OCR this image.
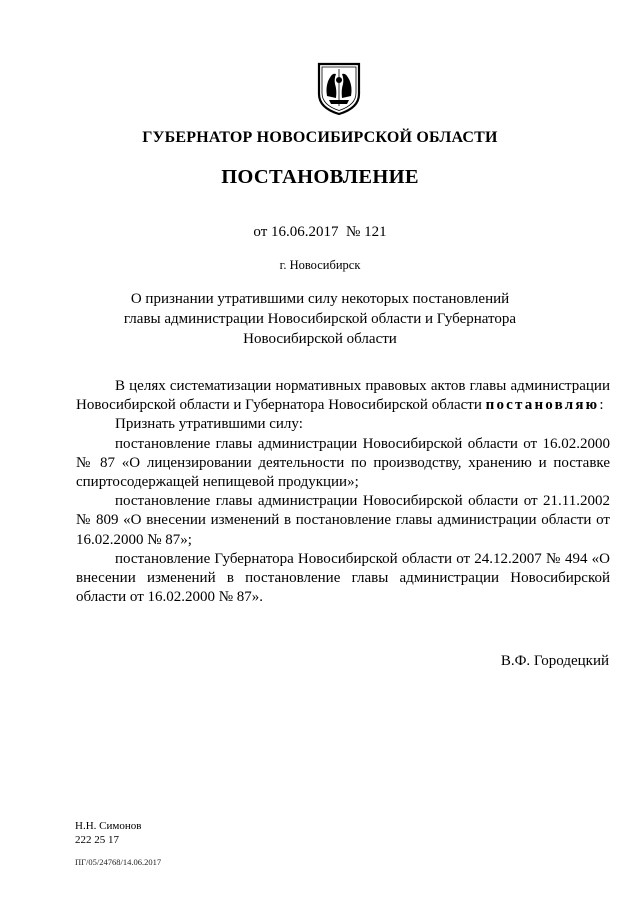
ГУБЕРНАТОР НОВОСИБИРСКОЙ ОБЛАСТИ
ПОСТАНОВЛЕНИЕ
от 16.06.2017 № 121
г. Новосибирск
О признании утратившими силу некоторых постановлений
главы администрации Новосибирской области и Губернатора
Новосибирской области

В целях систематизации нормативных правовых актов главы администрации Новосибирской области и Губернатора Новосибирской области постановляю:

Признать утратившими силу:

постановление главы администрации Новосибирской области от 16.02.2000 № 87 «О лицензировании деятельности по производству, хранению и поставке спиртосодержащей непищевой продукции»;

постановление главы администрации Новосибирской области от 21.11.2002 № 809 «О внесении изменений в постановление главы администрации области от 16.02.2000 № 87»;

постановление Губернатора Новосибирской области от 24.12.2007 № 494 «О внесении изменений в постановление главы администрации Новосибирской области от 16.02.2000 № 87».

В.Ф. Городецкий
Н.Н. Симонов
222 25 17
ПГ/05/24768/14.06.2017
